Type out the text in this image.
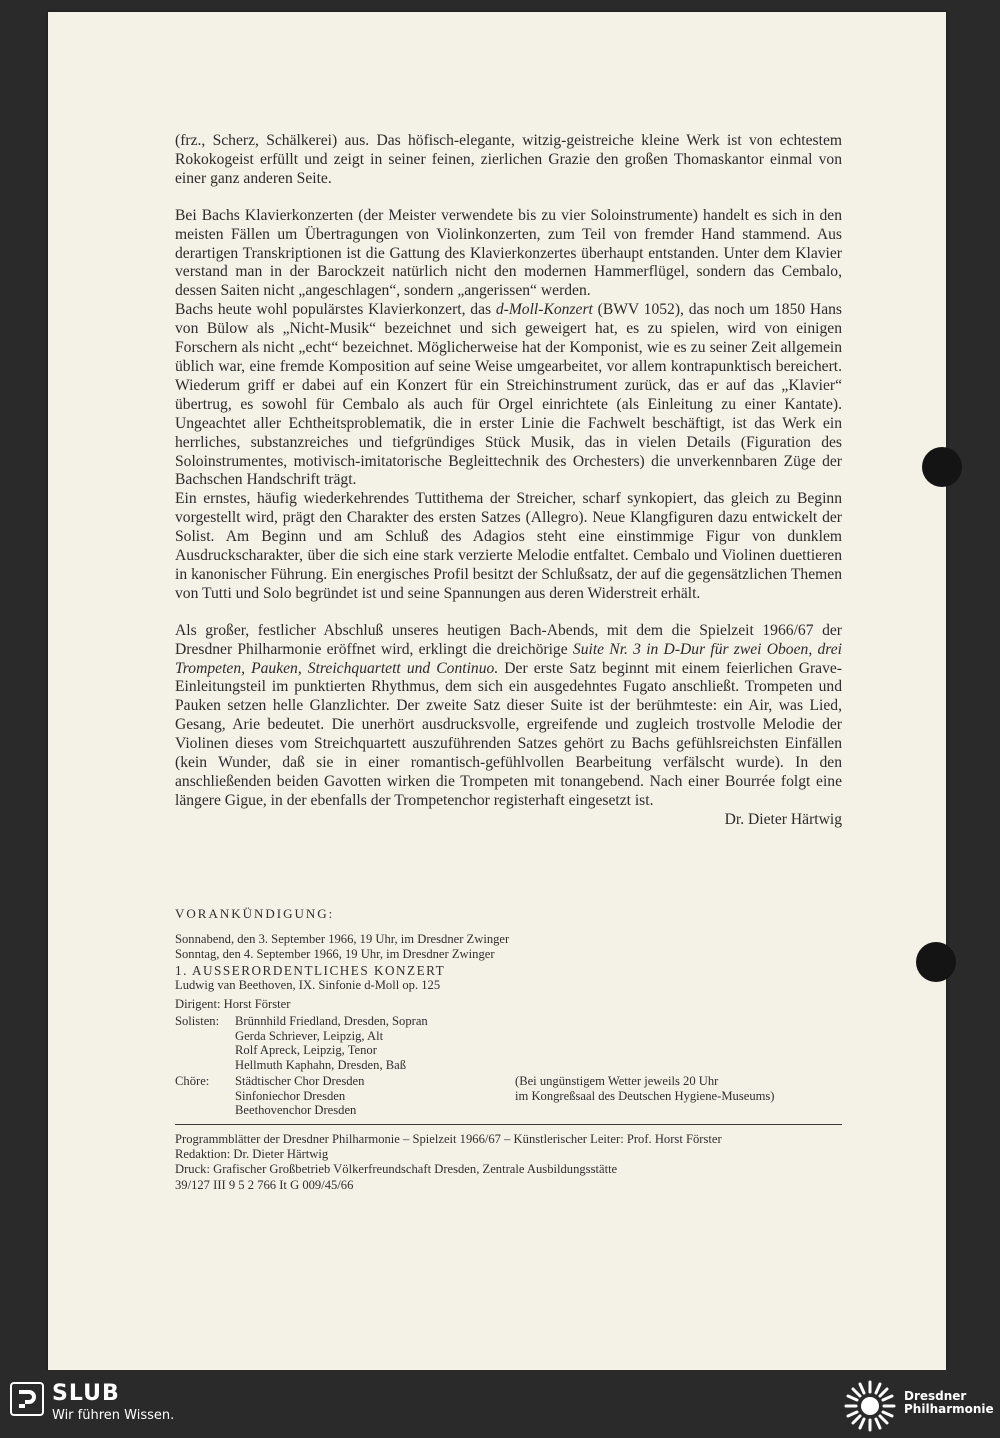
(frz., Scherz, Schälkerei) aus. Das höfisch-elegante, witzig-geistreiche kleine Werk ist von echtestem Rokokogeist erfüllt und zeigt in seiner feinen, zierlichen Grazie den großen Thomaskantor einmal von einer ganz anderen Seite.

Bei Bachs Klavierkonzerten (der Meister verwendete bis zu vier Soloinstrumente) handelt es sich in den meisten Fällen um Übertragungen von Violinkonzerten, zum Teil von fremder Hand stammend. Aus derartigen Transkriptionen ist die Gattung des Klavierkonzertes überhaupt entstanden. Unter dem Klavier verstand man in der Barockzeit natürlich nicht den modernen Hammerflügel, sondern das Cembalo, dessen Saiten nicht „angeschlagen“, sondern „angerissen“ werden.

Bachs heute wohl populärstes Klavierkonzert, das d-Moll-Konzert (BWV 1052), das noch um 1850 Hans von Bülow als „Nicht-Musik“ bezeichnet und sich geweigert hat, es zu spielen, wird von einigen Forschern als nicht „echt“ bezeichnet. Möglicherweise hat der Komponist, wie es zu seiner Zeit allgemein üblich war, eine fremde Komposition auf seine Weise umgearbeitet, vor allem kontrapunktisch bereichert. Wiederum griff er dabei auf ein Konzert für ein Streichinstrument zurück, das er auf das „Klavier“ übertrug, es sowohl für Cembalo als auch für Orgel einrichtete (als Einleitung zu einer Kantate). Ungeachtet aller Echtheitsproblematik, die in erster Linie die Fachwelt beschäftigt, ist das Werk ein herrliches, substanzreiches und tiefgründiges Stück Musik, das in vielen Details (Figuration des Soloinstrumentes, motivisch-imitatorische Begleittechnik des Orchesters) die unverkennbaren Züge der Bachschen Handschrift trägt.

Ein ernstes, häufig wiederkehrendes Tuttithema der Streicher, scharf synkopiert, das gleich zu Beginn vorgestellt wird, prägt den Charakter des ersten Satzes (Allegro). Neue Klangfiguren dazu entwickelt der Solist. Am Beginn und am Schluß des Adagios steht eine einstimmige Figur von dunklem Ausdruckscharakter, über die sich eine stark verzierte Melodie entfaltet. Cembalo und Violinen duettieren in kanonischer Führung. Ein energisches Profil besitzt der Schlußsatz, der auf die gegensätzlichen Themen von Tutti und Solo begründet ist und seine Spannungen aus deren Widerstreit erhält.

Als großer, festlicher Abschluß unseres heutigen Bach-Abends, mit dem die Spielzeit 1966/67 der Dresdner Philharmonie eröffnet wird, erklingt die dreichörige Suite Nr. 3 in D-Dur für zwei Oboen, drei Trompeten, Pauken, Streichquartett und Continuo. Der erste Satz beginnt mit einem feierlichen Grave-Einleitungsteil im punktierten Rhythmus, dem sich ein ausgedehntes Fugato anschließt. Trompeten und Pauken setzen helle Glanzlichter. Der zweite Satz dieser Suite ist der berühmteste: ein Air, was Lied, Gesang, Arie bedeutet. Die unerhört ausdrucksvolle, ergreifende und zugleich trostvolle Melodie der Violinen dieses vom Streichquartett auszuführenden Satzes gehört zu Bachs gefühlsreichsten Einfällen (kein Wunder, daß sie in einer romantisch-gefühlvollen Bearbeitung verfälscht wurde). In den anschließenden beiden Gavotten wirken die Trompeten mit tonangebend. Nach einer Bourrée folgt eine längere Gigue, in der ebenfalls der Trompetenchor registerhaft eingesetzt ist.

Dr. Dieter Härtwig
VORANKÜNDIGUNG:
Sonnabend, den 3. September 1966, 19 Uhr, im Dresdner Zwinger
Sonntag, den 4. September 1966, 19 Uhr, im Dresdner Zwinger
1. AUSSERORDENTLICHES KONZERT
Ludwig van Beethoven, IX. Sinfonie d-Moll op. 125
Dirigent: Horst Förster
Solisten:	Brünnhild Friedland, Dresden, Sopran
Gerda Schriever, Leipzig, Alt
Rolf Apreck, Leipzig, Tenor
Hellmuth Kaphahn, Dresden, Baß
Chöre:	Städtischer Chor Dresden
Sinfoniechor Dresden
Beethovenchor Dresden
(Bei ungünstigem Wetter jeweils 20 Uhr
im Kongreßsaal des Deutschen Hygiene-Museums)
Programmblätter der Dresdner Philharmonie – Spielzeit 1966/67 – Künstlerischer Leiter: Prof. Horst Förster
Redaktion: Dr. Dieter Härtwig
Druck: Grafischer Großbetrieb Völkerfreundschaft Dresden, Zentrale Ausbildungsstätte
39/127 III 9 5 2 766 It G 009/45/66
SLUB
Wir führen Wissen.
Dresdner
Philharmonie
